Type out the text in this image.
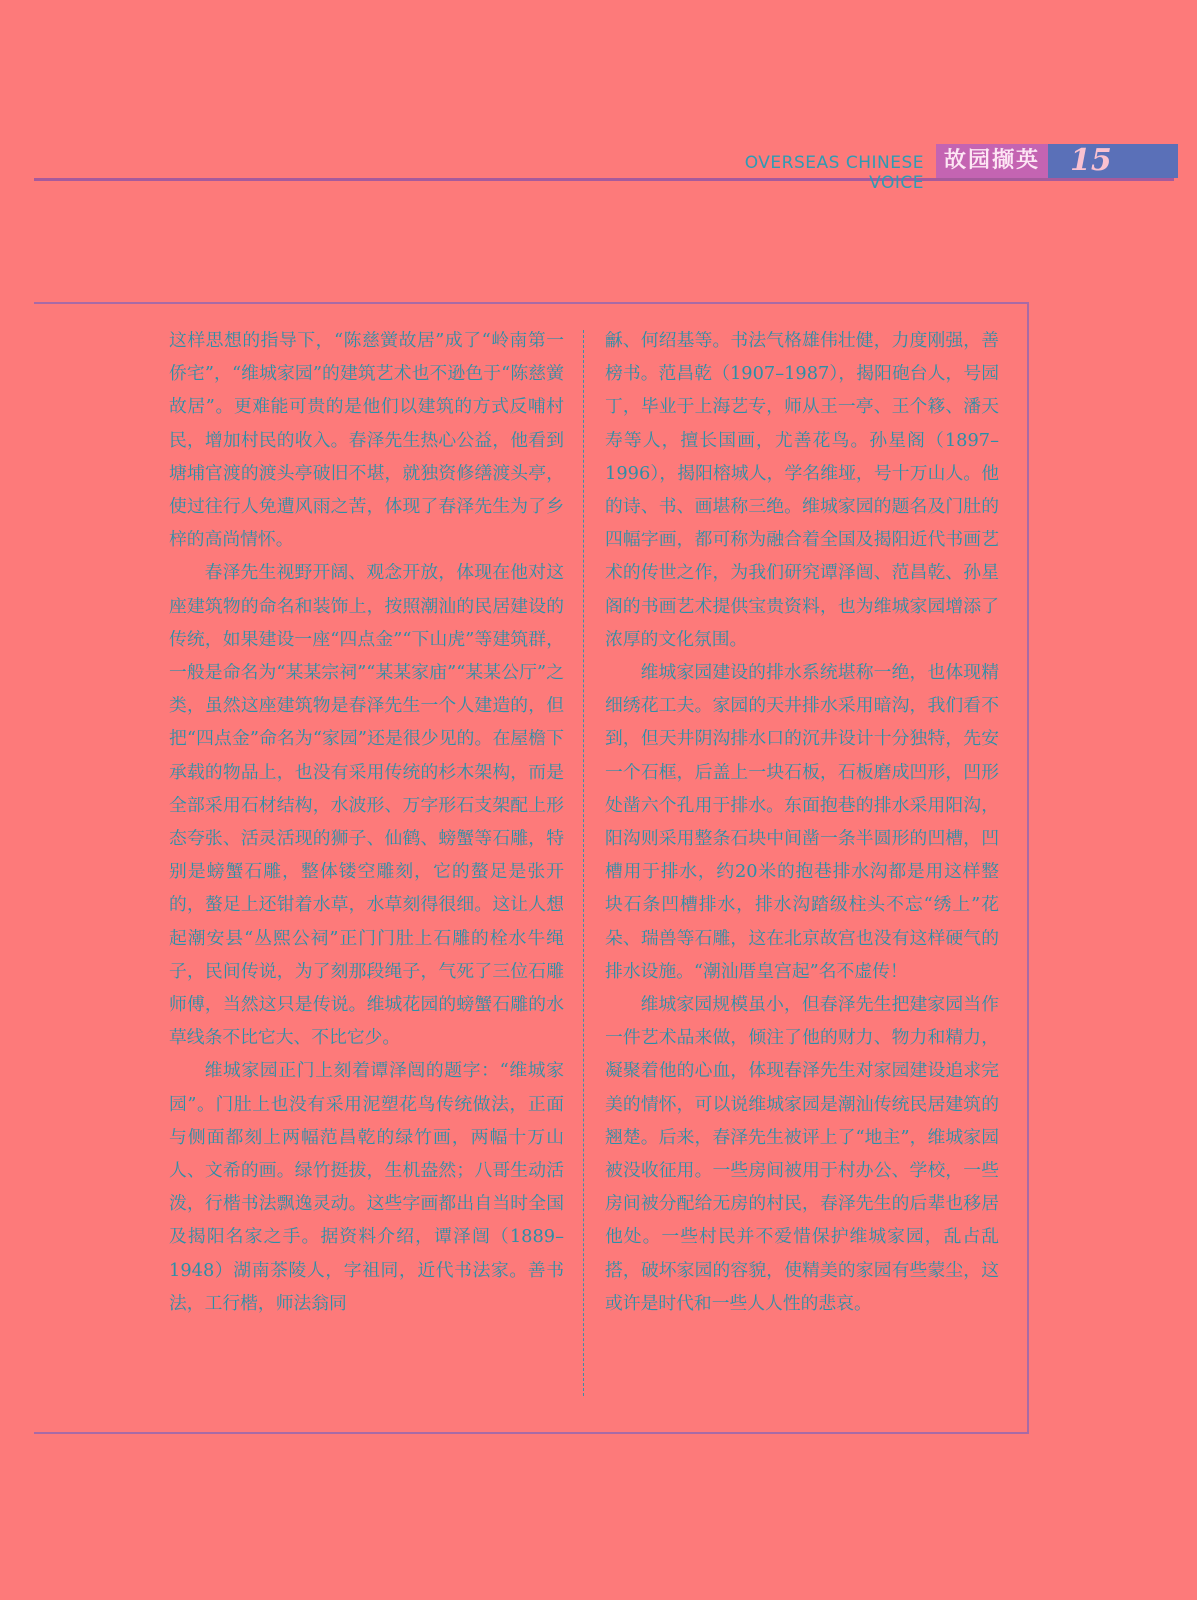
OVERSEAS CHINESE VOICE
故园撷英	15

这样思想的指导下，“陈慈黉故居”成了“岭南第一侨宅”，“维城家园”的建筑艺术也不逊色于“陈慈黉故居”。更难能可贵的是他们以建筑的方式反哺村民，增加村民的收入。春泽先生热心公益，他看到塘埔官渡的渡头亭破旧不堪，就独资修缮渡头亭，使过往行人免遭风雨之苦，体现了春泽先生为了乡梓的高尚情怀。

春泽先生视野开阔、观念开放，体现在他对这座建筑物的命名和装饰上，按照潮汕的民居建设的传统，如果建设一座“四点金”“下山虎”等建筑群，一般是命名为“某某宗祠”“某某家庙”“某某公厅”之类，虽然这座建筑物是春泽先生一个人建造的，但把“四点金”命名为“家园”还是很少见的。在屋檐下承载的物品上，也没有采用传统的杉木架构，而是全部采用石材结构，水波形、万字形石支架配上形态夸张、活灵活现的狮子、仙鹤、螃蟹等石雕，特别是螃蟹石雕，整体镂空雕刻，它的螯足是张开的，螯足上还钳着水草，水草刻得很细。这让人想起潮安县“丛熙公祠”正门门肚上石雕的栓水牛绳子，民间传说，为了刻那段绳子，气死了三位石雕师傅，当然这只是传说。维城花园的螃蟹石雕的水草线条不比它大、不比它少。

维城家园正门上刻着谭泽闿的题字：“维城家园”。门肚上也没有采用泥塑花鸟传统做法，正面与侧面都刻上两幅范昌乾的绿竹画，两幅十万山人、文希的画。绿竹挺拔，生机盎然；八哥生动活泼，行楷书法飘逸灵动。这些字画都出自当时全国及揭阳名家之手。据资料介绍，谭泽闿（1889–1948）湖南茶陵人，字祖同，近代书法家。善书法，工行楷，师法翁同

龢、何绍基等。书法气格雄伟壮健，力度刚强，善榜书。范昌乾（1907–1987），揭阳砲台人，号园丁，毕业于上海艺专，师从王一亭、王个簃、潘天寿等人，擅长国画，尤善花鸟。孙星阁（1897–1996），揭阳榕城人，学名维垭，号十万山人。他的诗、书、画堪称三绝。维城家园的题名及门肚的四幅字画，都可称为融合着全国及揭阳近代书画艺术的传世之作，为我们研究谭泽闿、范昌乾、孙星阁的书画艺术提供宝贵资料，也为维城家园增添了浓厚的文化氛围。

维城家园建设的排水系统堪称一绝，也体现精细绣花工夫。家园的天井排水采用暗沟，我们看不到，但天井阴沟排水口的沉井设计十分独特，先安一个石框，后盖上一块石板，石板磨成凹形，凹形处凿六个孔用于排水。东面抱巷的排水采用阳沟，阳沟则采用整条石块中间凿一条半圆形的凹槽，凹槽用于排水，约20米的抱巷排水沟都是用这样整块石条凹槽排水，排水沟踏级柱头不忘“绣上”花朵、瑞兽等石雕，这在北京故宫也没有这样硬气的排水设施。“潮汕厝皇宫起”名不虚传！

维城家园规模虽小，但春泽先生把建家园当作一件艺术品来做，倾注了他的财力、物力和精力，凝聚着他的心血，体现春泽先生对家园建设追求完美的情怀，可以说维城家园是潮汕传统民居建筑的翘楚。后来，春泽先生被评上了“地主”，维城家园被没收征用。一些房间被用于村办公、学校，一些房间被分配给无房的村民，春泽先生的后辈也移居他处。一些村民并不爱惜保护维城家园，乱占乱搭，破坏家园的容貌，使精美的家园有些蒙尘，这或许是时代和一些人人性的悲哀。
